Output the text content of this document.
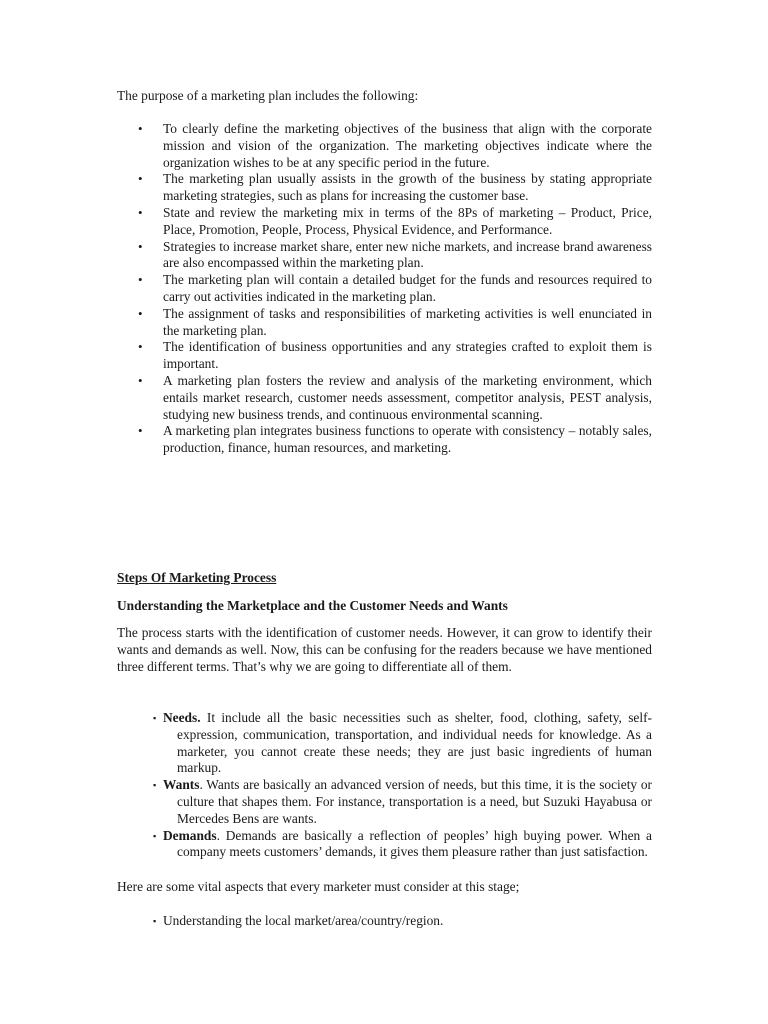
The purpose of a marketing plan includes the following:

• To clearly define the marketing objectives of the business that align with the corporate mission and vision of the organization. The marketing objectives indicate where the organization wishes to be at any specific period in the future.
• The marketing plan usually assists in the growth of the business by stating appropriate marketing strategies, such as plans for increasing the customer base.
• State and review the marketing mix in terms of the 8Ps of marketing – Product, Price, Place, Promotion, People, Process, Physical Evidence, and Performance.
• Strategies to increase market share, enter new niche markets, and increase brand awareness are also encompassed within the marketing plan.
• The marketing plan will contain a detailed budget for the funds and resources required to carry out activities indicated in the marketing plan.
• The assignment of tasks and responsibilities of marketing activities is well enunciated in the marketing plan.
• The identification of business opportunities and any strategies crafted to exploit them is important.
• A marketing plan fosters the review and analysis of the marketing environment, which entails market research, customer needs assessment, competitor analysis, PEST analysis, studying new business trends, and continuous environmental scanning.
• A marketing plan integrates business functions to operate with consistency – notably sales, production, finance, human resources, and marketing.
Steps Of Marketing Process
Understanding the Marketplace and the Customer Needs and Wants

The process starts with the identification of customer needs. However, it can grow to identify their wants and demands as well. Now, this can be confusing for the readers because we have mentioned three different terms. That’s why we are going to differentiate all of them.

▪ Needs. It include all the basic necessities such as shelter, food, clothing, safety, self-expression, communication, transportation, and individual needs for knowledge. As a marketer, you cannot create these needs; they are just basic ingredients of human markup.
▪ Wants. Wants are basically an advanced version of needs, but this time, it is the society or culture that shapes them. For instance, transportation is a need, but Suzuki Hayabusa or Mercedes Bens are wants.
▪ Demands. Demands are basically a reflection of peoples’ high buying power. When a company meets customers’ demands, it gives them pleasure rather than just satisfaction.

Here are some vital aspects that every marketer must consider at this stage;

▪ Understanding the local market/area/country/region.
